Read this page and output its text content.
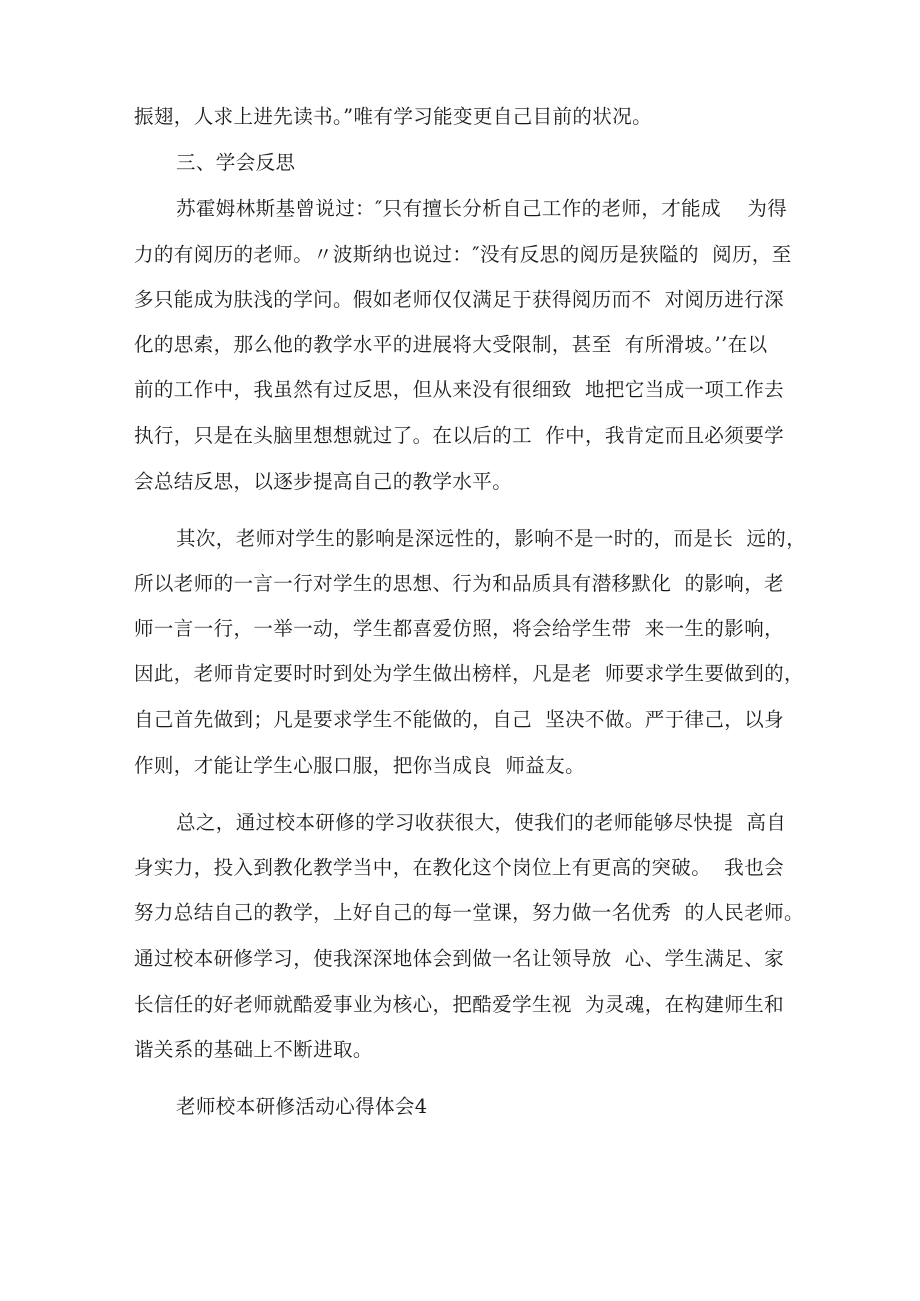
振翅，人求上进先读书。”唯有学习能变更自己目前的状况。
三、学会反思
苏霍姆林斯基曾说过：″只有擅长分析自己工作的老师，才能成    为得
力的有阅历的老师。〃波斯纳也说过：″没有反思的阅历是狭隘的  阅历，至
多只能成为肤浅的学问。假如老师仅仅满足于获得阅历而不  对阅历进行深
化的思索，那么他的教学水平的进展将大受限制，甚至  有所滑坡。’’在以
前的工作中，我虽然有过反思，但从来没有很细致  地把它当成一项工作去
执行，只是在头脑里想想就过了。在以后的工  作中，我肯定而且必须要学
会总结反思，以逐步提高自己的教学水平。
其次，老师对学生的影响是深远性的，影响不是一时的，而是长  远的，
所以老师的一言一行对学生的思想、行为和品质具有潜移默化  的影响，老
师一言一行，一举一动，学生都喜爱仿照，将会给学生带  来一生的影响，
因此，老师肯定要时时到处为学生做出榜样，凡是老  师要求学生要做到的，
自己首先做到；凡是要求学生不能做的，自己  坚决不做。严于律己，以身
作则，才能让学生心服口服，把你当成良  师益友。
总之，通过校本研修的学习收获很大，使我们的老师能够尽快提  高自
身实力，投入到教化教学当中，在教化这个岗位上有更高的突破。  我也会
努力总结自己的教学，上好自己的每一堂课，努力做一名优秀  的人民老师。
通过校本研修学习，使我深深地体会到做一名让领导放  心、学生满足、家
长信任的好老师就酷爱事业为核心，把酷爱学生视  为灵魂，在构建师生和
谐关系的基础上不断进取。
老师校本研修活动心得体会4
